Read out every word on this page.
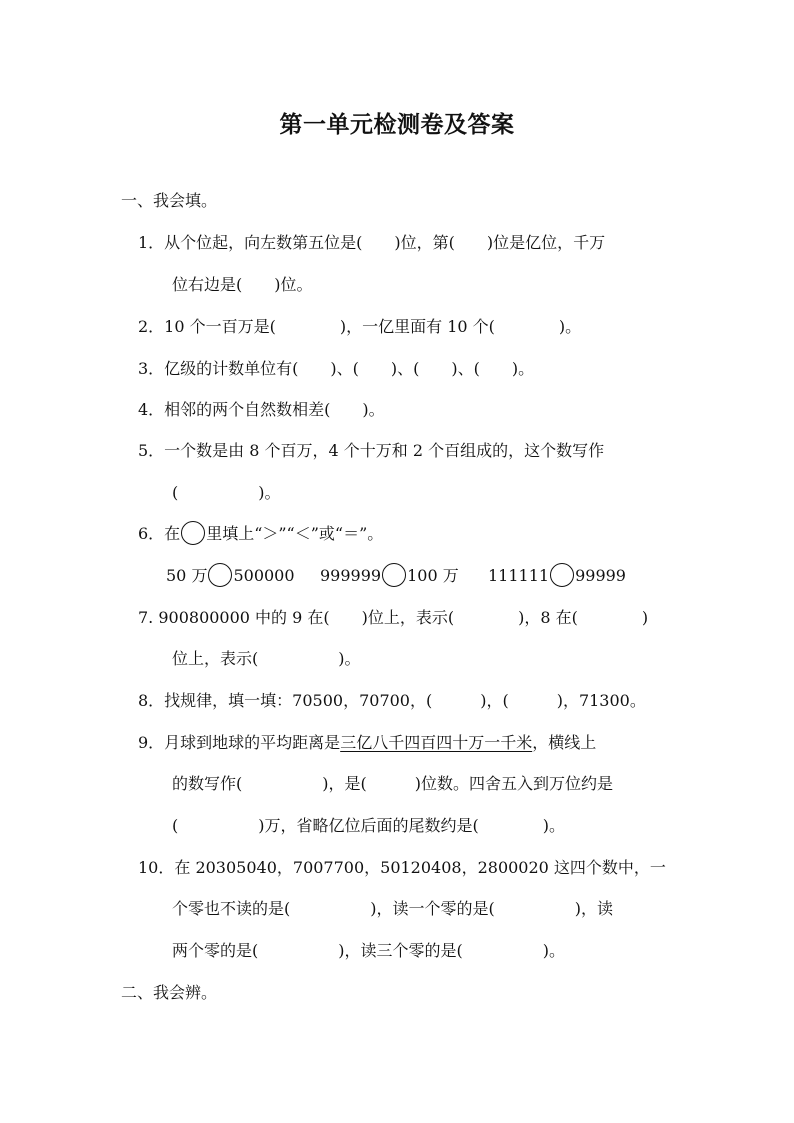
第一单元检测卷及答案
一、我会填。
1．从个位起，向左数第五位是(　　)位，第(　　)位是亿位，千万
位右边是(　　)位。
2．10 个一百万是(　　　　)，一亿里面有 10 个(　　　　)。
3．亿级的计数单位有(　　)、(　　)、(　　)、(　　)。
4．相邻的两个自然数相差(　　)。
5．一个数是由 8 个百万，4 个十万和 2 个百组成的，这个数写作
(　　　　　)。
6．在 里填上“＞”“＜”或“＝”。
50 万 500000 999999 100 万 111111 99999
7. 900800000 中的 9 在(　　)位上，表示(　　　　)，8 在(　　　　)
位上，表示(　　　　　)。
8．找规律，填一填：70500，70700，(　　　)，(　　　)，71300。
9．月球到地球的平均距离是三亿八千四百四十万一千米，横线上
的数写作(　　　　　)，是(　　　)位数。四舍五入到万位约是
(　　　　　)万，省略亿位后面的尾数约是(　　　　)。
10．在 20305040，7007700，50120408，2800020 这四个数中，一
个零也不读的是(　　　　　)，读一个零的是(　　　　　)，读
两个零的是(　　　　　)，读三个零的是(　　　　　)。
二、我会辨。
